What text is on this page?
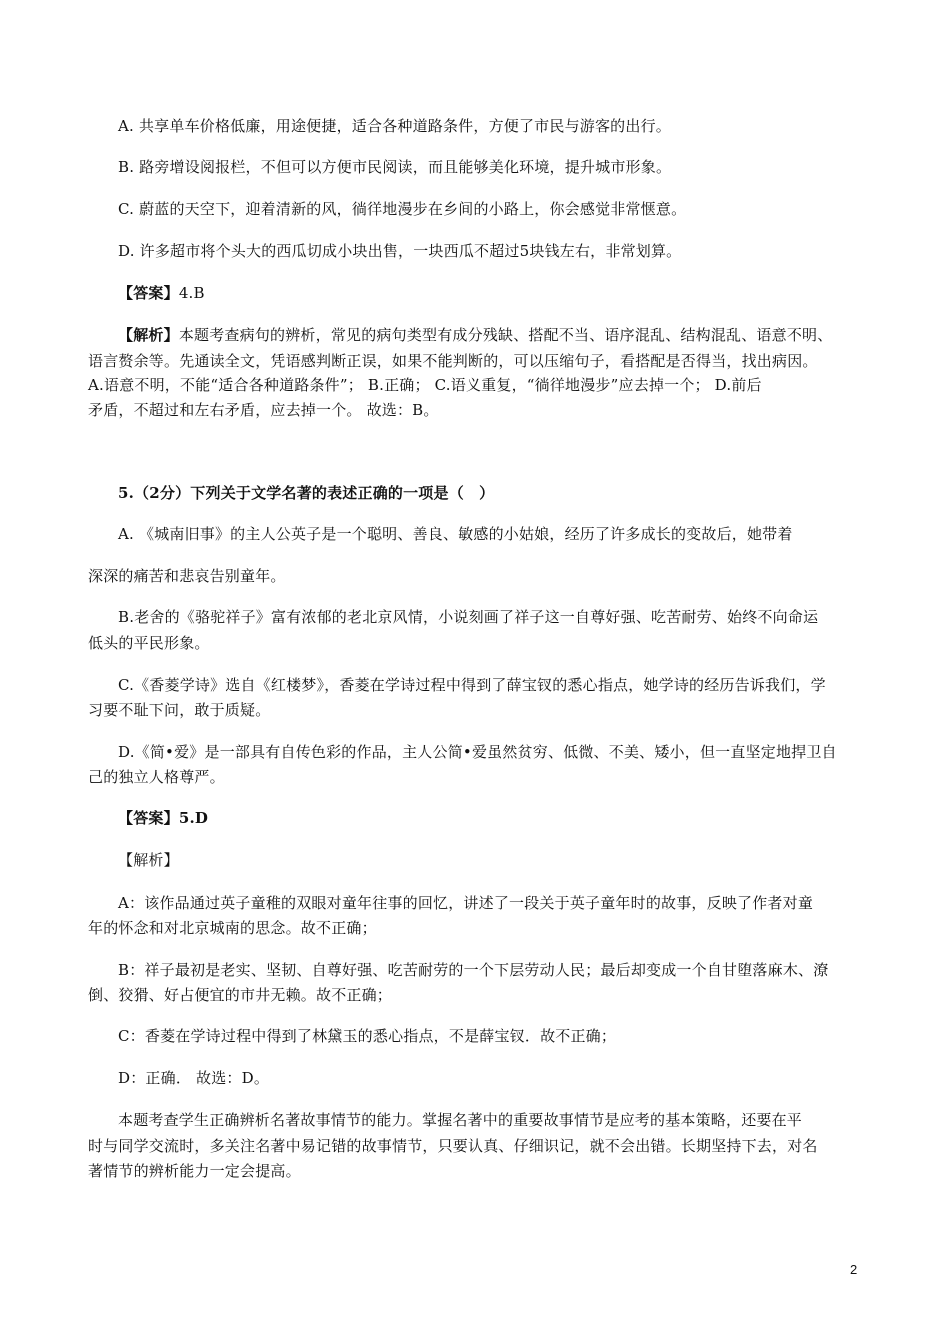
A. 共享单车价格低廉，用途便捷，适合各种道路条件，方便了市民与游客的出行。
B. 路旁增设阅报栏，不但可以方便市民阅读，而且能够美化环境，提升城市形象。
C. 蔚蓝的天空下，迎着清新的风，徜徉地漫步在乡间的小路上，你会感觉非常惬意。
D. 许多超市将个头大的西瓜切成小块出售，一块西瓜不超过5块钱左右，非常划算。
【答案】4.B
【解析】本题考查病句的辨析，常见的病句类型有成分残缺、搭配不当、语序混乱、结构混乱、语意不明、
语言赘余等。先通读全文，凭语感判断正误，如果不能判断的，可以压缩句子，看搭配是否得当，找出病因。
A.语意不明，不能“适合各种道路条件”； B.正确； C.语义重复，“徜徉地漫步”应去掉一个； D.前后
矛盾，不超过和左右矛盾，应去掉一个。 故选：B。
5.（2分）下列关于文学名著的表述正确的一项是（　）
A. 《城南旧事》的主人公英子是一个聪明、善良、敏感的小姑娘，经历了许多成长的变故后，她带着
深深的痛苦和悲哀告别童年。
B.老舍的《骆驼祥子》富有浓郁的老北京风情，小说刻画了祥子这一自尊好强、吃苦耐劳、始终不向命运
低头的平民形象。
C.《香菱学诗》选自《红楼梦》，香菱在学诗过程中得到了薛宝钗的悉心指点，她学诗的经历告诉我们，学
习要不耻下问，敢于质疑。
D.《简•爱》是一部具有自传色彩的作品，主人公简•爱虽然贫穷、低微、不美、矮小，但一直坚定地捍卫自
己的独立人格尊严。
【答案】5.D
【解析】
A：该作品通过英子童稚的双眼对童年往事的回忆，讲述了一段关于英子童年时的故事，反映了作者对童
年的怀念和对北京城南的思念。故不正确；
B：祥子最初是老实、坚韧、自尊好强、吃苦耐劳的一个下层劳动人民；最后却变成一个自甘堕落麻木、潦
倒、狡猾、好占便宜的市井无赖。故不正确；
C：香菱在学诗过程中得到了林黛玉的悉心指点，不是薛宝钗．故不正确；
D：正确． 故选：D。
本题考查学生正确辨析名著故事情节的能力。掌握名著中的重要故事情节是应考的基本策略，还要在平
时与同学交流时，多关注名著中易记错的故事情节，只要认真、仔细识记，就不会出错。长期坚持下去，对名
著情节的辨析能力一定会提高。
2
